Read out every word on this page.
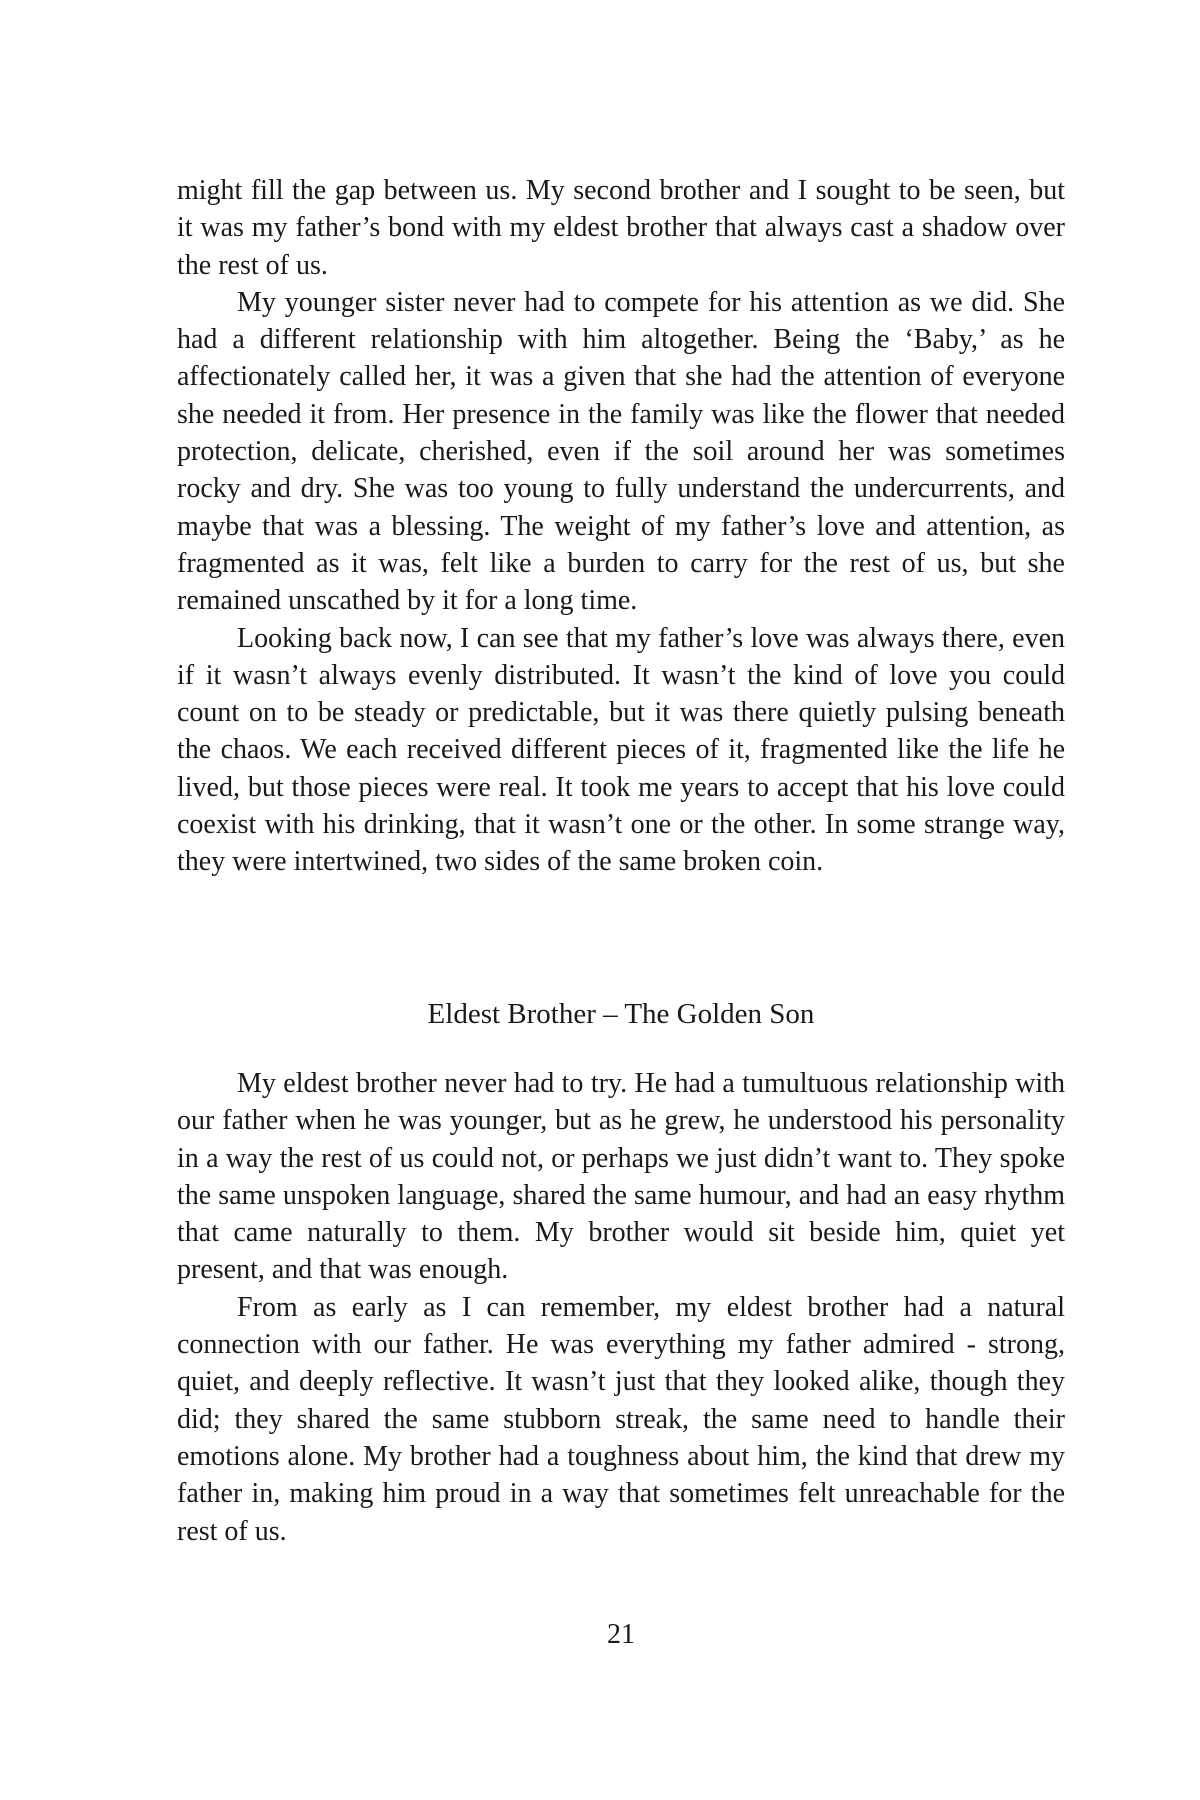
might fill the gap between us. My second brother and I sought to be seen, but it was my father’s bond with my eldest brother that always cast a shadow over the rest of us.

My younger sister never had to compete for his attention as we did. She had a different relationship with him altogether. Being the ‘Baby,’ as he affectionately called her, it was a given that she had the attention of everyone she needed it from. Her presence in the family was like the flower that needed protection, delicate, cherished, even if the soil around her was sometimes rocky and dry. She was too young to fully understand the undercurrents, and maybe that was a blessing. The weight of my father’s love and attention, as fragmented as it was, felt like a burden to carry for the rest of us, but she remained unscathed by it for a long time.

Looking back now, I can see that my father’s love was always there, even if it wasn’t always evenly distributed. It wasn’t the kind of love you could count on to be steady or predictable, but it was there quietly pulsing beneath the chaos. We each received different pieces of it, fragmented like the life he lived, but those pieces were real. It took me years to accept that his love could coexist with his drinking, that it wasn’t one or the other. In some strange way, they were intertwined, two sides of the same broken coin.

Eldest Brother – The Golden Son

My eldest brother never had to try. He had a tumultuous relationship with our father when he was younger, but as he grew, he understood his personality in a way the rest of us could not, or perhaps we just didn’t want to. They spoke the same unspoken language, shared the same humour, and had an easy rhythm that came naturally to them. My brother would sit beside him, quiet yet present, and that was enough.

From as early as I can remember, my eldest brother had a natural connection with our father. He was everything my father admired - strong, quiet, and deeply reflective. It wasn’t just that they looked alike, though they did; they shared the same stubborn streak, the same need to handle their emotions alone. My brother had a toughness about him, the kind that drew my father in, making him proud in a way that sometimes felt unreachable for the rest of us.

21
